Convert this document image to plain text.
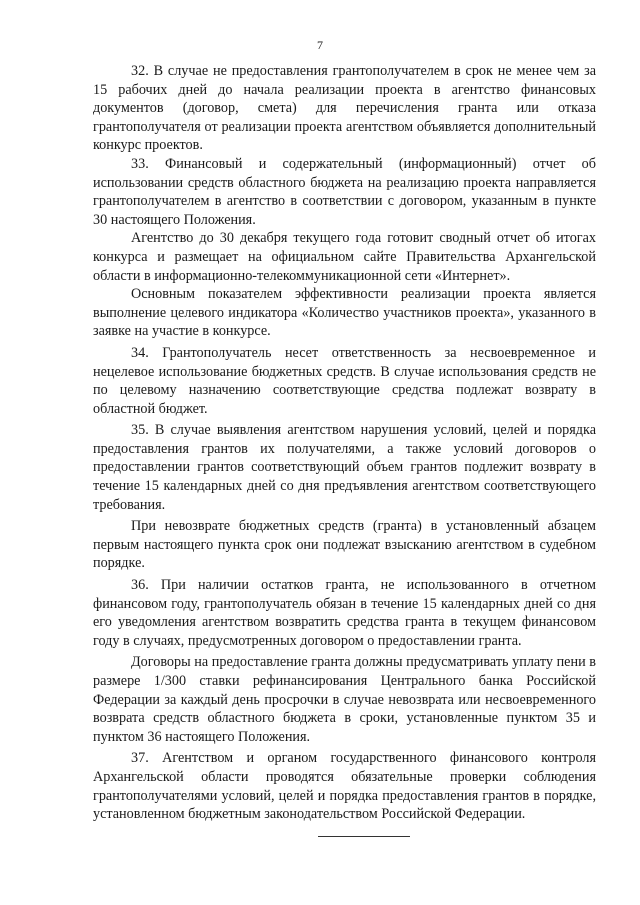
7

32. В случае не предоставления грантополучателем в срок не менее чем за 15 рабочих дней до начала реализации проекта в агентство финансовых документов (договор, смета) для перечисления гранта или отказа грантополучателя от реализации проекта агентством объявляется дополнительный конкурс проектов.

33. Финансовый и содержательный (информационный) отчет об использовании средств областного бюджета на реализацию проекта направляется грантополучателем в агентство в соответствии с договором, указанным в пункте 30 настоящего Положения.

Агентство до 30 декабря текущего года готовит сводный отчет об итогах конкурса и размещает на официальном сайте Правительства Архангельской области в информационно-телекоммуникационной сети «Интернет».

Основным показателем эффективности реализации проекта является выполнение целевого индикатора «Количество участников проекта», указанного в заявке на участие в конкурсе.

34. Грантополучатель несет ответственность за несвоевременное и нецелевое использование бюджетных средств. В случае использования средств не по целевому назначению соответствующие средства подлежат возврату в областной бюджет.

35. В случае выявления агентством нарушения условий, целей и порядка предоставления грантов их получателями, а также условий договоров о предоставлении грантов соответствующий объем грантов подлежит возврату в течение 15 календарных дней со дня предъявления агентством соответствующего требования.

При невозврате бюджетных средств (гранта) в установленный абзацем первым настоящего пункта срок они подлежат взысканию агентством в судебном порядке.

36. При наличии остатков гранта, не использованного в отчетном финансовом году, грантополучатель обязан в течение 15 календарных дней со дня его уведомления агентством возвратить средства гранта в текущем финансовом году в случаях, предусмотренных договором о предоставлении гранта.

Договоры на предоставление гранта должны предусматривать уплату пени в размере 1/300 ставки рефинансирования Центрального банка Российской Федерации за каждый день просрочки в случае невозврата или несвоевременного возврата средств областного бюджета в сроки, установленные пунктом 35 и пунктом 36 настоящего Положения.

37. Агентством и органом государственного финансового контроля Архангельской области проводятся обязательные проверки соблюдения грантополучателями условий, целей и порядка предоставления грантов в порядке, установленном бюджетным законодательством Российской Федерации.
